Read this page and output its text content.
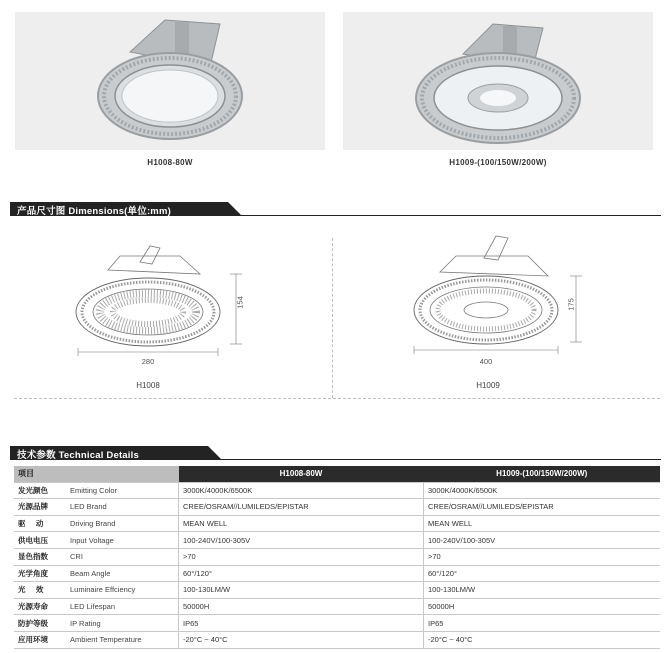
H1008-80W	H1009-(100/150W/200W)
产品尺寸图 Dimensions(单位:mm)
280
154
H1008
400
175
H1009
技术参数 Technical Details
项目		H1008-80W	H1009-(100/150W/200W)
发光颜色	Emitting Color	3000K/4000K/6500K	3000K/4000K/6500K
光源品牌	LED Brand	CREE/OSRAM//LUMILEDS/EPISTAR	CREE/OSRAM//LUMILEDS/EPISTAR
驱     动	Driving Brand	MEAN WELL	MEAN WELL
供电电压	Input Voltage	100-240V/100-305V	100-240V/100-305V
显色指数	CRI	>70	>70
光学角度	Beam Angle	60°/120°	60°/120°
光     效	Luminaire Effciency	100-130LM/W	100-130LM/W
光源寿命	LED Lifespan	50000H	50000H
防护等级	IP Rating	IP65	IP65
应用环境	Ambient Temperature	-20°C ~ 40°C	-20°C ~ 40°C
